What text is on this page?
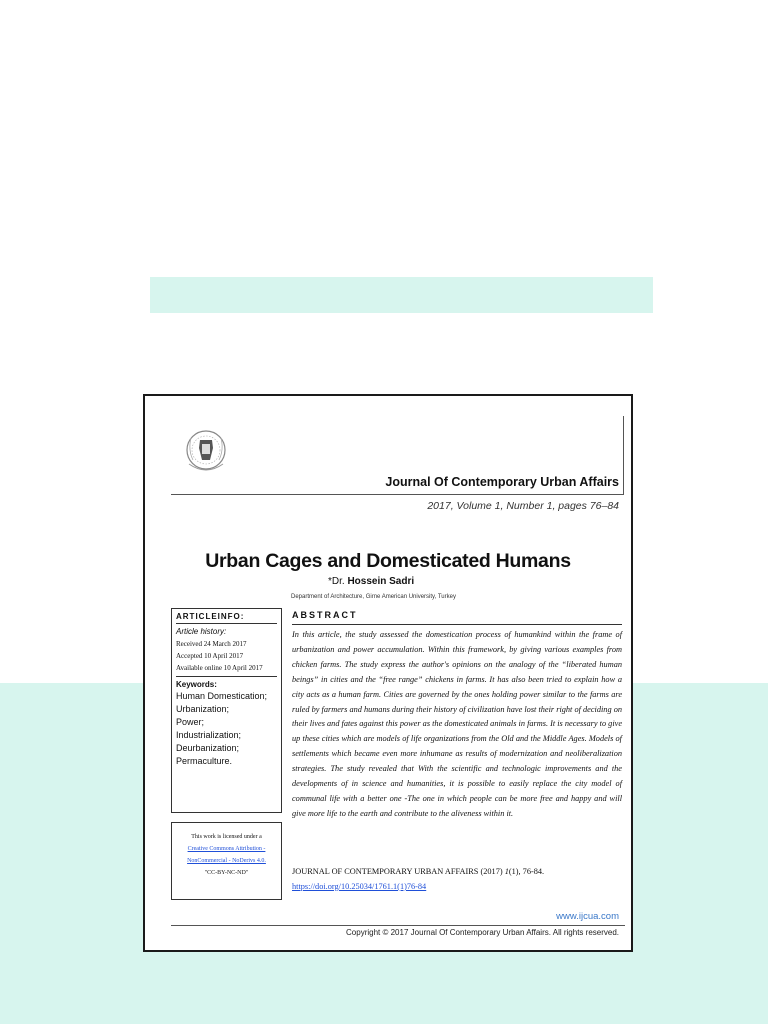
Journal Of Contemporary Urban Affairs
2017, Volume 1, Number 1, pages 76–84
Urban Cages and Domesticated Humans
*Dr. Hossein Sadri
Department of Architecture, Girne American University, Turkey
ARTICLEINFO:
Article history:
Received 24 March 2017
Accepted 10 April 2017
Available online 10 April 2017
Keywords:
Human Domestication;
Urbanization;
Power;
Industrialization;
Deurbanization;
Permaculture.
This work is licensed under a
Creative Commons Attribution -
NonCommercial - NoDerivs 4.0.
"CC-BY-NC-ND"
ABSTRACT
In this article, the study assessed the domestication process of humankind within the frame of urbanization and power accumulation. Within this framework, by giving various examples from chicken farms. The study express the author's opinions on the analogy of the “liberated human beings” in cities and the “free range” chickens in farms. It has also been tried to explain how a city acts as a human farm. Cities are governed by the ones holding power similar to the farms are ruled by farmers and humans during their history of civilization have lost their right of deciding on their lives and fates against this power as the domesticated animals in farms. It is necessary to give up these cities which are models of life organizations from the Old and the Middle Ages. Models of settlements which became even more inhumane as results of modernization and neoliberalization strategies. The study revealed that With the scientific and technologic improvements and the developments of in science and humanities, it is possible to easily replace the city model of communal life with a better one -The one in which people can be more free and happy and will give more life to the earth and contribute to the aliveness within it.
JOURNAL OF CONTEMPORARY URBAN AFFAIRS (2017) 1(1), 76-84.
https://doi.org/10.25034/1761.1(1)76-84
www.ijcua.com
Copyright © 2017 Journal Of Contemporary Urban Affairs. All rights reserved.
